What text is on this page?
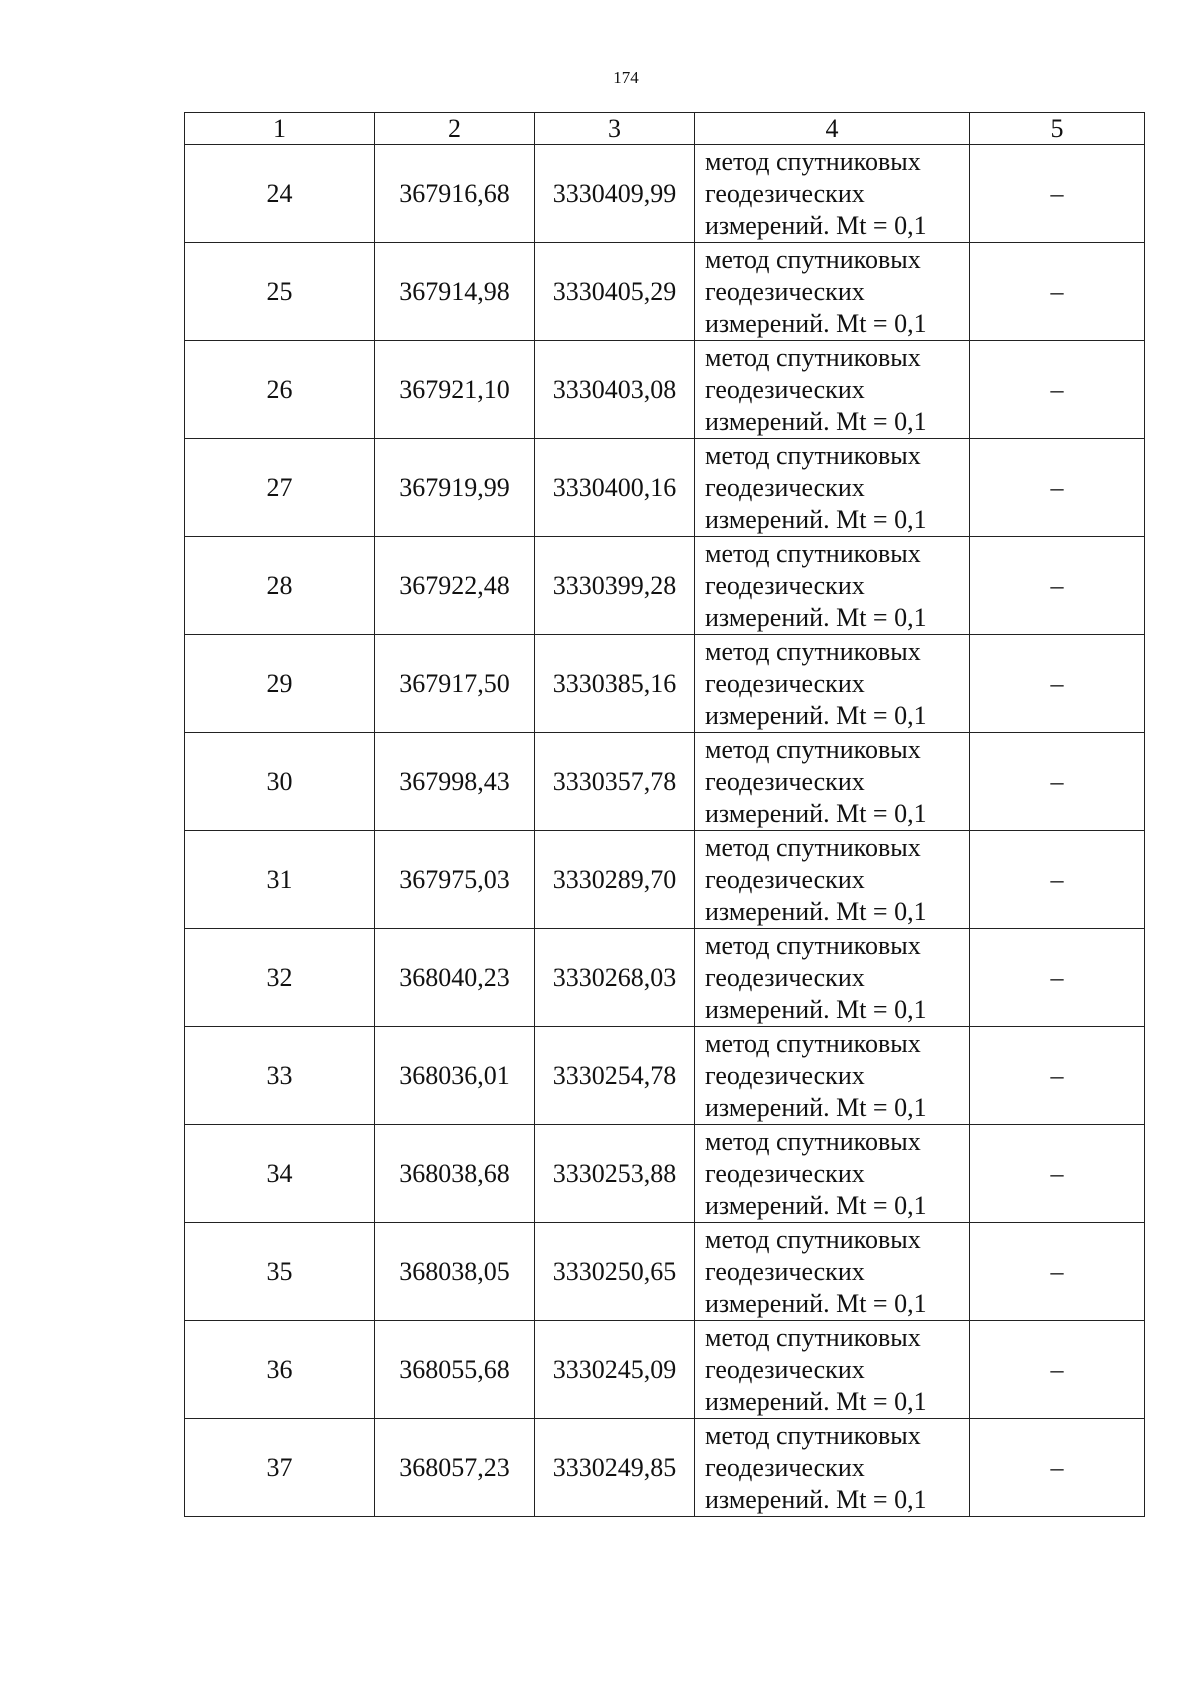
174
1	2	3	4	5
24	367916,68	3330409,99	метод спутниковых
геодезических
измерений. Mt = 0,1	–
25	367914,98	3330405,29	метод спутниковых
геодезических
измерений. Mt = 0,1	–
26	367921,10	3330403,08	метод спутниковых
геодезических
измерений. Mt = 0,1	–
27	367919,99	3330400,16	метод спутниковых
геодезических
измерений. Mt = 0,1	–
28	367922,48	3330399,28	метод спутниковых
геодезических
измерений. Mt = 0,1	–
29	367917,50	3330385,16	метод спутниковых
геодезических
измерений. Mt = 0,1	–
30	367998,43	3330357,78	метод спутниковых
геодезических
измерений. Mt = 0,1	–
31	367975,03	3330289,70	метод спутниковых
геодезических
измерений. Mt = 0,1	–
32	368040,23	3330268,03	метод спутниковых
геодезических
измерений. Mt = 0,1	–
33	368036,01	3330254,78	метод спутниковых
геодезических
измерений. Mt = 0,1	–
34	368038,68	3330253,88	метод спутниковых
геодезических
измерений. Mt = 0,1	–
35	368038,05	3330250,65	метод спутниковых
геодезических
измерений. Mt = 0,1	–
36	368055,68	3330245,09	метод спутниковых
геодезических
измерений. Mt = 0,1	–
37	368057,23	3330249,85	метод спутниковых
геодезических
измерений. Mt = 0,1	–
